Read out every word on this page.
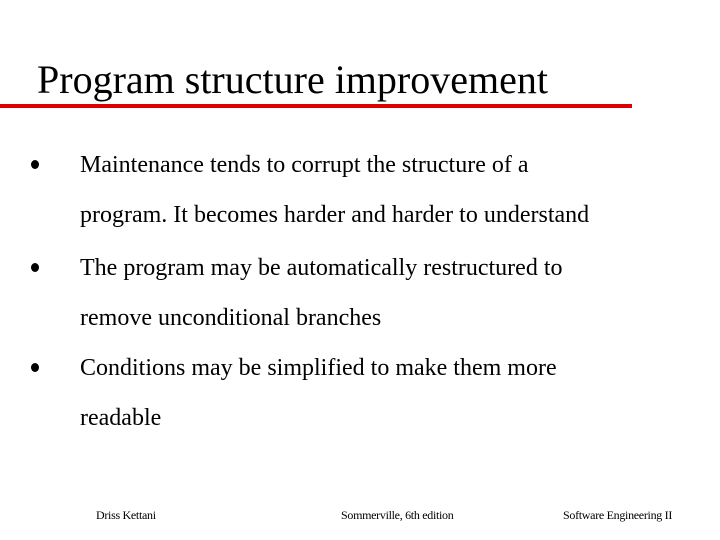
Program structure improvement
Maintenance tends to corrupt the structure of a
program. It becomes harder and harder to understand
The program may be automatically restructured to
remove unconditional branches
Conditions may be simplified to make them more
readable
Driss Kettani	Sommerville, 6th edition	Software Engineering II
